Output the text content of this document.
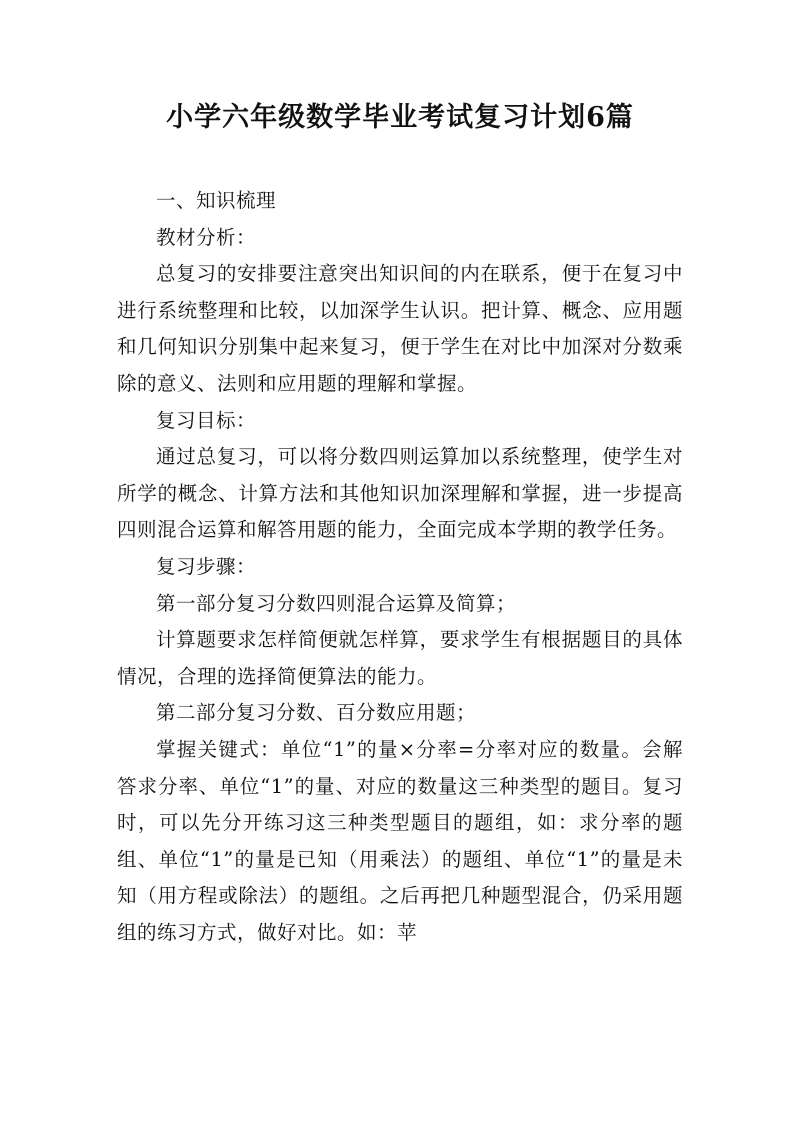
小学六年级数学毕业考试复习计划6篇

一、知识梳理

教材分析：

总复习的安排要注意突出知识间的内在联系，便于在复习中进行系统整理和比较，以加深学生认识。把计算、概念、应用题和几何知识分别集中起来复习，便于学生在对比中加深对分数乘除的意义、法则和应用题的理解和掌握。

复习目标：

通过总复习，可以将分数四则运算加以系统整理，使学生对所学的概念、计算方法和其他知识加深理解和掌握，进一步提高四则混合运算和解答用题的能力，全面完成本学期的教学任务。

复习步骤：

第一部分复习分数四则混合运算及简算；

计算题要求怎样简便就怎样算，要求学生有根据题目的具体情况，合理的选择简便算法的能力。

第二部分复习分数、百分数应用题；

掌握关键式：单位“1”的量×分率=分率对应的数量。会解答求分率、单位“1”的量、对应的数量这三种类型的题目。复习时，可以先分开练习这三种类型题目的题组，如：求分率的题组、单位“1”的量是已知（用乘法）的题组、单位“1”的量是未知（用方程或除法）的题组。之后再把几种题型混合，仍采用题组的练习方式，做好对比。如：苹
